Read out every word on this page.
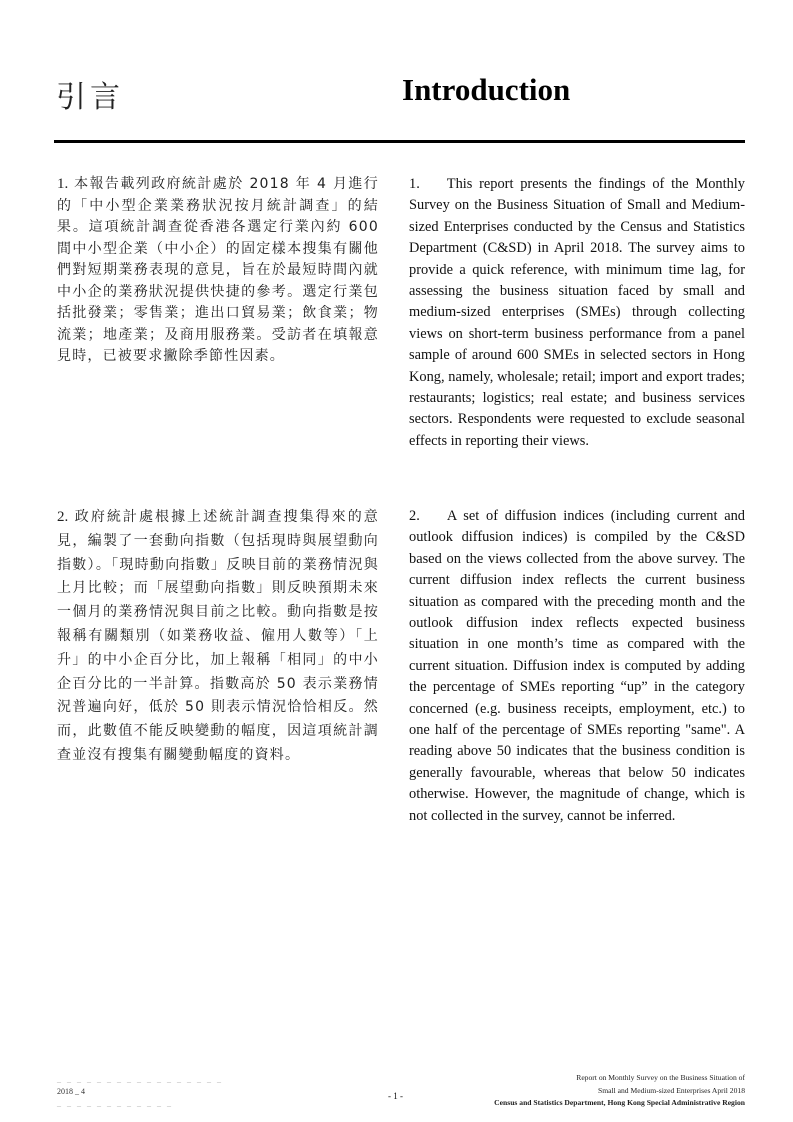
引言	Introduction
1. 本報告載列政府統計處於 2018 年 4 月進行的「中小型企業業務狀況按月統計調查」的結果。這項統計調查從香港各選定行業內約 600 間中小型企業（中小企）的固定樣本搜集有關他們對短期業務表現的意見，旨在於最短時間內就中小企的業務狀況提供快捷的參考。選定行業包括批發業；零售業；進出口貿易業；飲食業；物流業；地產業；及商用服務業。受訪者在填報意見時，已被要求撇除季節性因素。
1. This report presents the findings of the Monthly Survey on the Business Situation of Small and Medium-sized Enterprises conducted by the Census and Statistics Department (C&SD) in April 2018. The survey aims to provide a quick reference, with minimum time lag, for assessing the business situation faced by small and medium-sized enterprises (SMEs) through collecting views on short-term business performance from a panel sample of around 600 SMEs in selected sectors in Hong Kong, namely, wholesale; retail; import and export trades; restaurants; logistics; real estate; and business services sectors. Respondents were requested to exclude seasonal effects in reporting their views.
2. 政府統計處根據上述統計調查搜集得來的意見，編製了一套動向指數（包括現時與展望動向指數）。「現時動向指數」反映目前的業務情況與上月比較；而「展望動向指數」則反映預期未來一個月的業務情況與目前之比較。動向指數是按報稱有關類別（如業務收益、僱用人數等）「上升」的中小企百分比，加上報稱「相同」的中小企百分比的一半計算。指數高於 50 表示業務情況普遍向好，低於 50 則表示情況恰恰相反。然而，此數值不能反映變動的幅度，因這項統計調查並沒有搜集有關變動幅度的資料。
2. A set of diffusion indices (including current and outlook diffusion indices) is compiled by the C&SD based on the views collected from the above survey. The current diffusion index reflects the current business situation as compared with the preceding month and the outlook diffusion index reflects expected business situation in one month’s time as compared with the current situation. Diffusion index is computed by adding the percentage of SMEs reporting “up” in the category concerned (e.g. business receipts, employment, etc.) to one half of the percentage of SMEs reporting "same". A reading above 50 indicates that the business condition is generally favourable, whereas that below 50 indicates otherwise. However, the magnitude of change, which is not collected in the survey, cannot be inferred.
_ _ _ _ _ _ _ _ _ _ _ _ _ _ _ _ _
2018 _ 4
_ _ _ _ _ _ _ _ _ _ _ _
- 1 -
Report on Monthly Survey on the Business Situation of
Small and Medium-sized Enterprises April 2018
Census and Statistics Department, Hong Kong Special Administrative Region
